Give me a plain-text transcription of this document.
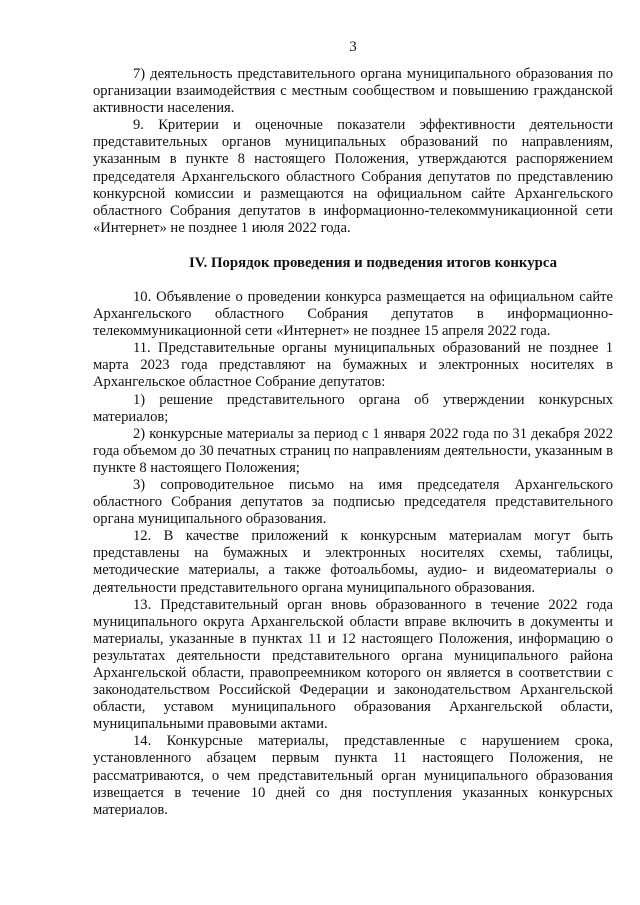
3

7) деятельность представительного органа муниципального образования по организации взаимодействия с местным сообществом и повышению гражданской активности населения.

9. Критерии и оценочные показатели эффективности деятельности представительных органов муниципальных образований по направлениям, указанным в пункте 8 настоящего Положения, утверждаются распоряжением председателя Архангельского областного Собрания депутатов по представлению конкурсной комиссии и размещаются на официальном сайте Архангельского областного Собрания депутатов в информационно-телекоммуникационной сети «Интернет» не позднее 1 июля 2022 года.

IV. Порядок проведения и подведения итогов конкурса

10. Объявление о проведении конкурса размещается на официальном сайте Архангельского областного Собрания депутатов в информационно-телекоммуникационной сети «Интернет» не позднее 15 апреля 2022 года.

11. Представительные органы муниципальных образований не позднее 1 марта 2023 года представляют на бумажных и электронных носителях в Архангельское областное Собрание депутатов:

1) решение представительного органа об утверждении конкурсных материалов;

2) конкурсные материалы за период с 1 января 2022 года по 31 декабря 2022 года объемом до 30 печатных страниц по направлениям деятельности, указанным в пункте 8 настоящего Положения;

3) сопроводительное письмо на имя председателя Архангельского областного Собрания депутатов за подписью председателя представительного органа муниципального образования.

12. В качестве приложений к конкурсным материалам могут быть представлены на бумажных и электронных носителях схемы, таблицы, методические материалы, а также фотоальбомы, аудио- и видеоматериалы о деятельности представительного органа муниципального образования.

13. Представительный орган вновь образованного в течение 2022 года муниципального округа Архангельской области вправе включить в документы и материалы, указанные в пунктах 11 и 12 настоящего Положения, информацию о результатах деятельности представительного органа муниципального района Архангельской области, правопреемником которого он является в соответствии с законодательством Российской Федерации и законодательством Архангельской области, уставом муниципального образования Архангельской области, муниципальными правовыми актами.

14. Конкурсные материалы, представленные с нарушением срока, установленного абзацем первым пункта 11 настоящего Положения, не рассматриваются, о чем представительный орган муниципального образования извещается в течение 10 дней со дня поступления указанных конкурсных материалов.
